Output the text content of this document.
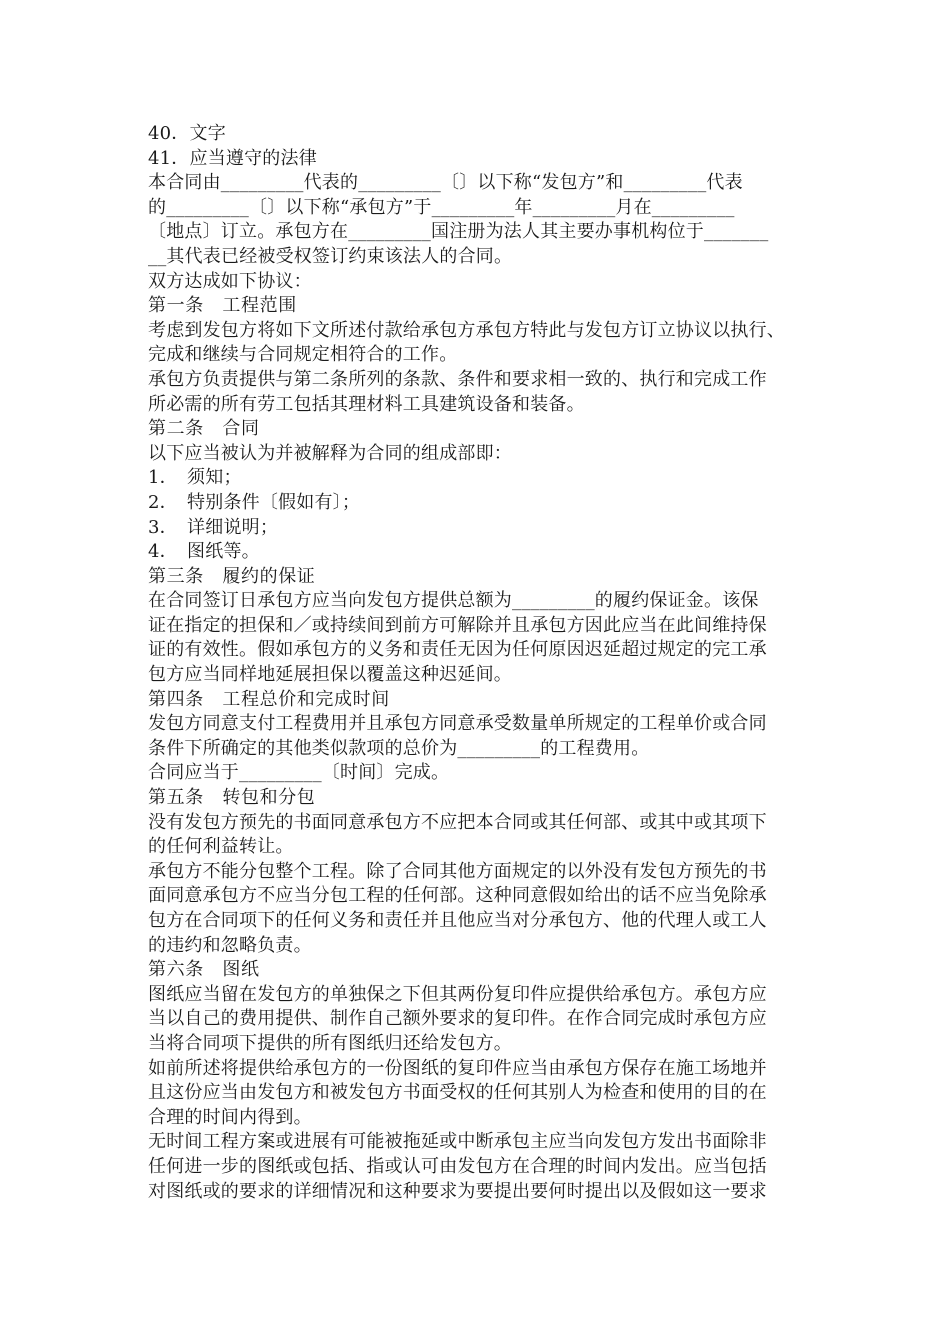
40．文字
41．应当遵守的法律
本合同由_________代表的_________〔〕以下称“发包方”和_________代表
的_________〔〕以下称“承包方”于_________年_________月在_________
〔地点〕订立。承包方在_________国注册为法人其主要办事机构位于_______
__其代表已经被受权签订约束该法人的合同。
双方达成如下协议：
第一条　工程范围
考虑到发包方将如下文所述付款给承包方承包方特此与发包方订立协议以执行、
完成和继续与合同规定相符合的工作。
承包方负责提供与第二条所列的条款、条件和要求相一致的、执行和完成工作
所必需的所有劳工包括其理材料工具建筑设备和装备。
第二条　合同
以下应当被认为并被解释为合同的组成部即：
1．　须知；
2．　特别条件〔假如有〕；
3．　详细说明；
4．　图纸等。
第三条　履约的保证
在合同签订日承包方应当向发包方提供总额为_________的履约保证金。该保
证在指定的担保和／或持续间到前方可解除并且承包方因此应当在此间维持保
证的有效性。假如承包方的义务和责任无因为任何原因迟延超过规定的完工承
包方应当同样地延展担保以覆盖这种迟延间。
第四条　工程总价和完成时间
发包方同意支付工程费用并且承包方同意承受数量单所规定的工程单价或合同
条件下所确定的其他类似款项的总价为_________的工程费用。
合同应当于_________〔时间〕完成。
第五条　转包和分包
没有发包方预先的书面同意承包方不应把本合同或其任何部、或其中或其项下
的任何利益转让。
承包方不能分包整个工程。除了合同其他方面规定的以外没有发包方预先的书
面同意承包方不应当分包工程的任何部。这种同意假如给出的话不应当免除承
包方在合同项下的任何义务和责任并且他应当对分承包方、他的代理人或工人
的违约和忽略负责。
第六条　图纸
图纸应当留在发包方的单独保之下但其两份复印件应提供给承包方。承包方应
当以自己的费用提供、制作自己额外要求的复印件。在作合同完成时承包方应
当将合同项下提供的所有图纸归还给发包方。
如前所述将提供给承包方的一份图纸的复印件应当由承包方保存在施工场地并
且这份应当由发包方和被发包方书面受权的任何其别人为检查和使用的目的在
合理的时间内得到。
无时间工程方案或进展有可能被拖延或中断承包主应当向发包方发出书面除非
任何进一步的图纸或包括、指或认可由发包方在合理的时间内发出。应当包括
对图纸或的要求的详细情况和这种要求为要提出要何时提出以及假如这一要求
